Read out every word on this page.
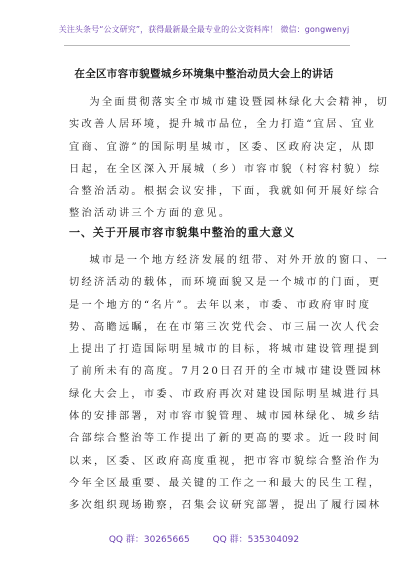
关注头条号“公文研究”，获得最新最全最专业的公文资料库！ 微信：gongwenyj
在全区市容市貌暨城乡环境集中整治动员大会上的讲话
为全面贯彻落实全市城市建设暨园林绿化大会精神，切
实改善人居环境，提升城市品位，全力打造“宜居、宜业
宜商、宜游”的国际明星城市，区委、区政府决定，从即
日起，在全区深入开展城（乡）市容市貌（村容村貌）综
合整治活动。根据会议安排，下面，我就如何开展好综合
整治活动讲三个方面的意见。
一、关于开展市容市貌集中整治的重大意义
城市是一个地方经济发展的纽带、对外开放的窗口、一
切经济活动的载体，而环境面貌又是一个城市的门面，更
是一个地方的“名片”。去年以来，市委、市政府审时度
势、高瞻远瞩，在在市第三次党代会、市三届一次人代会
上提出了打造国际明星城市的目标，将城市建设管理提到
了前所未有的高度。7月20日召开的全市城市建设暨园林
绿化大会上，市委、市政府再次对建设国际明星城进行具
体的安排部署，对市容市貌管理、城市园林绿化、城乡结
合部综合整治等工作提出了新的更高的要求。近一段时间
以来，区委、区政府高度重视，把市容市貌综合整治作为
今年全区最重要、最关键的工作之一和最大的民生工程，
多次组织现场勘察，召集会议研究部署，提出了履行园林
QQ 群：30265665	QQ 群：535304092
